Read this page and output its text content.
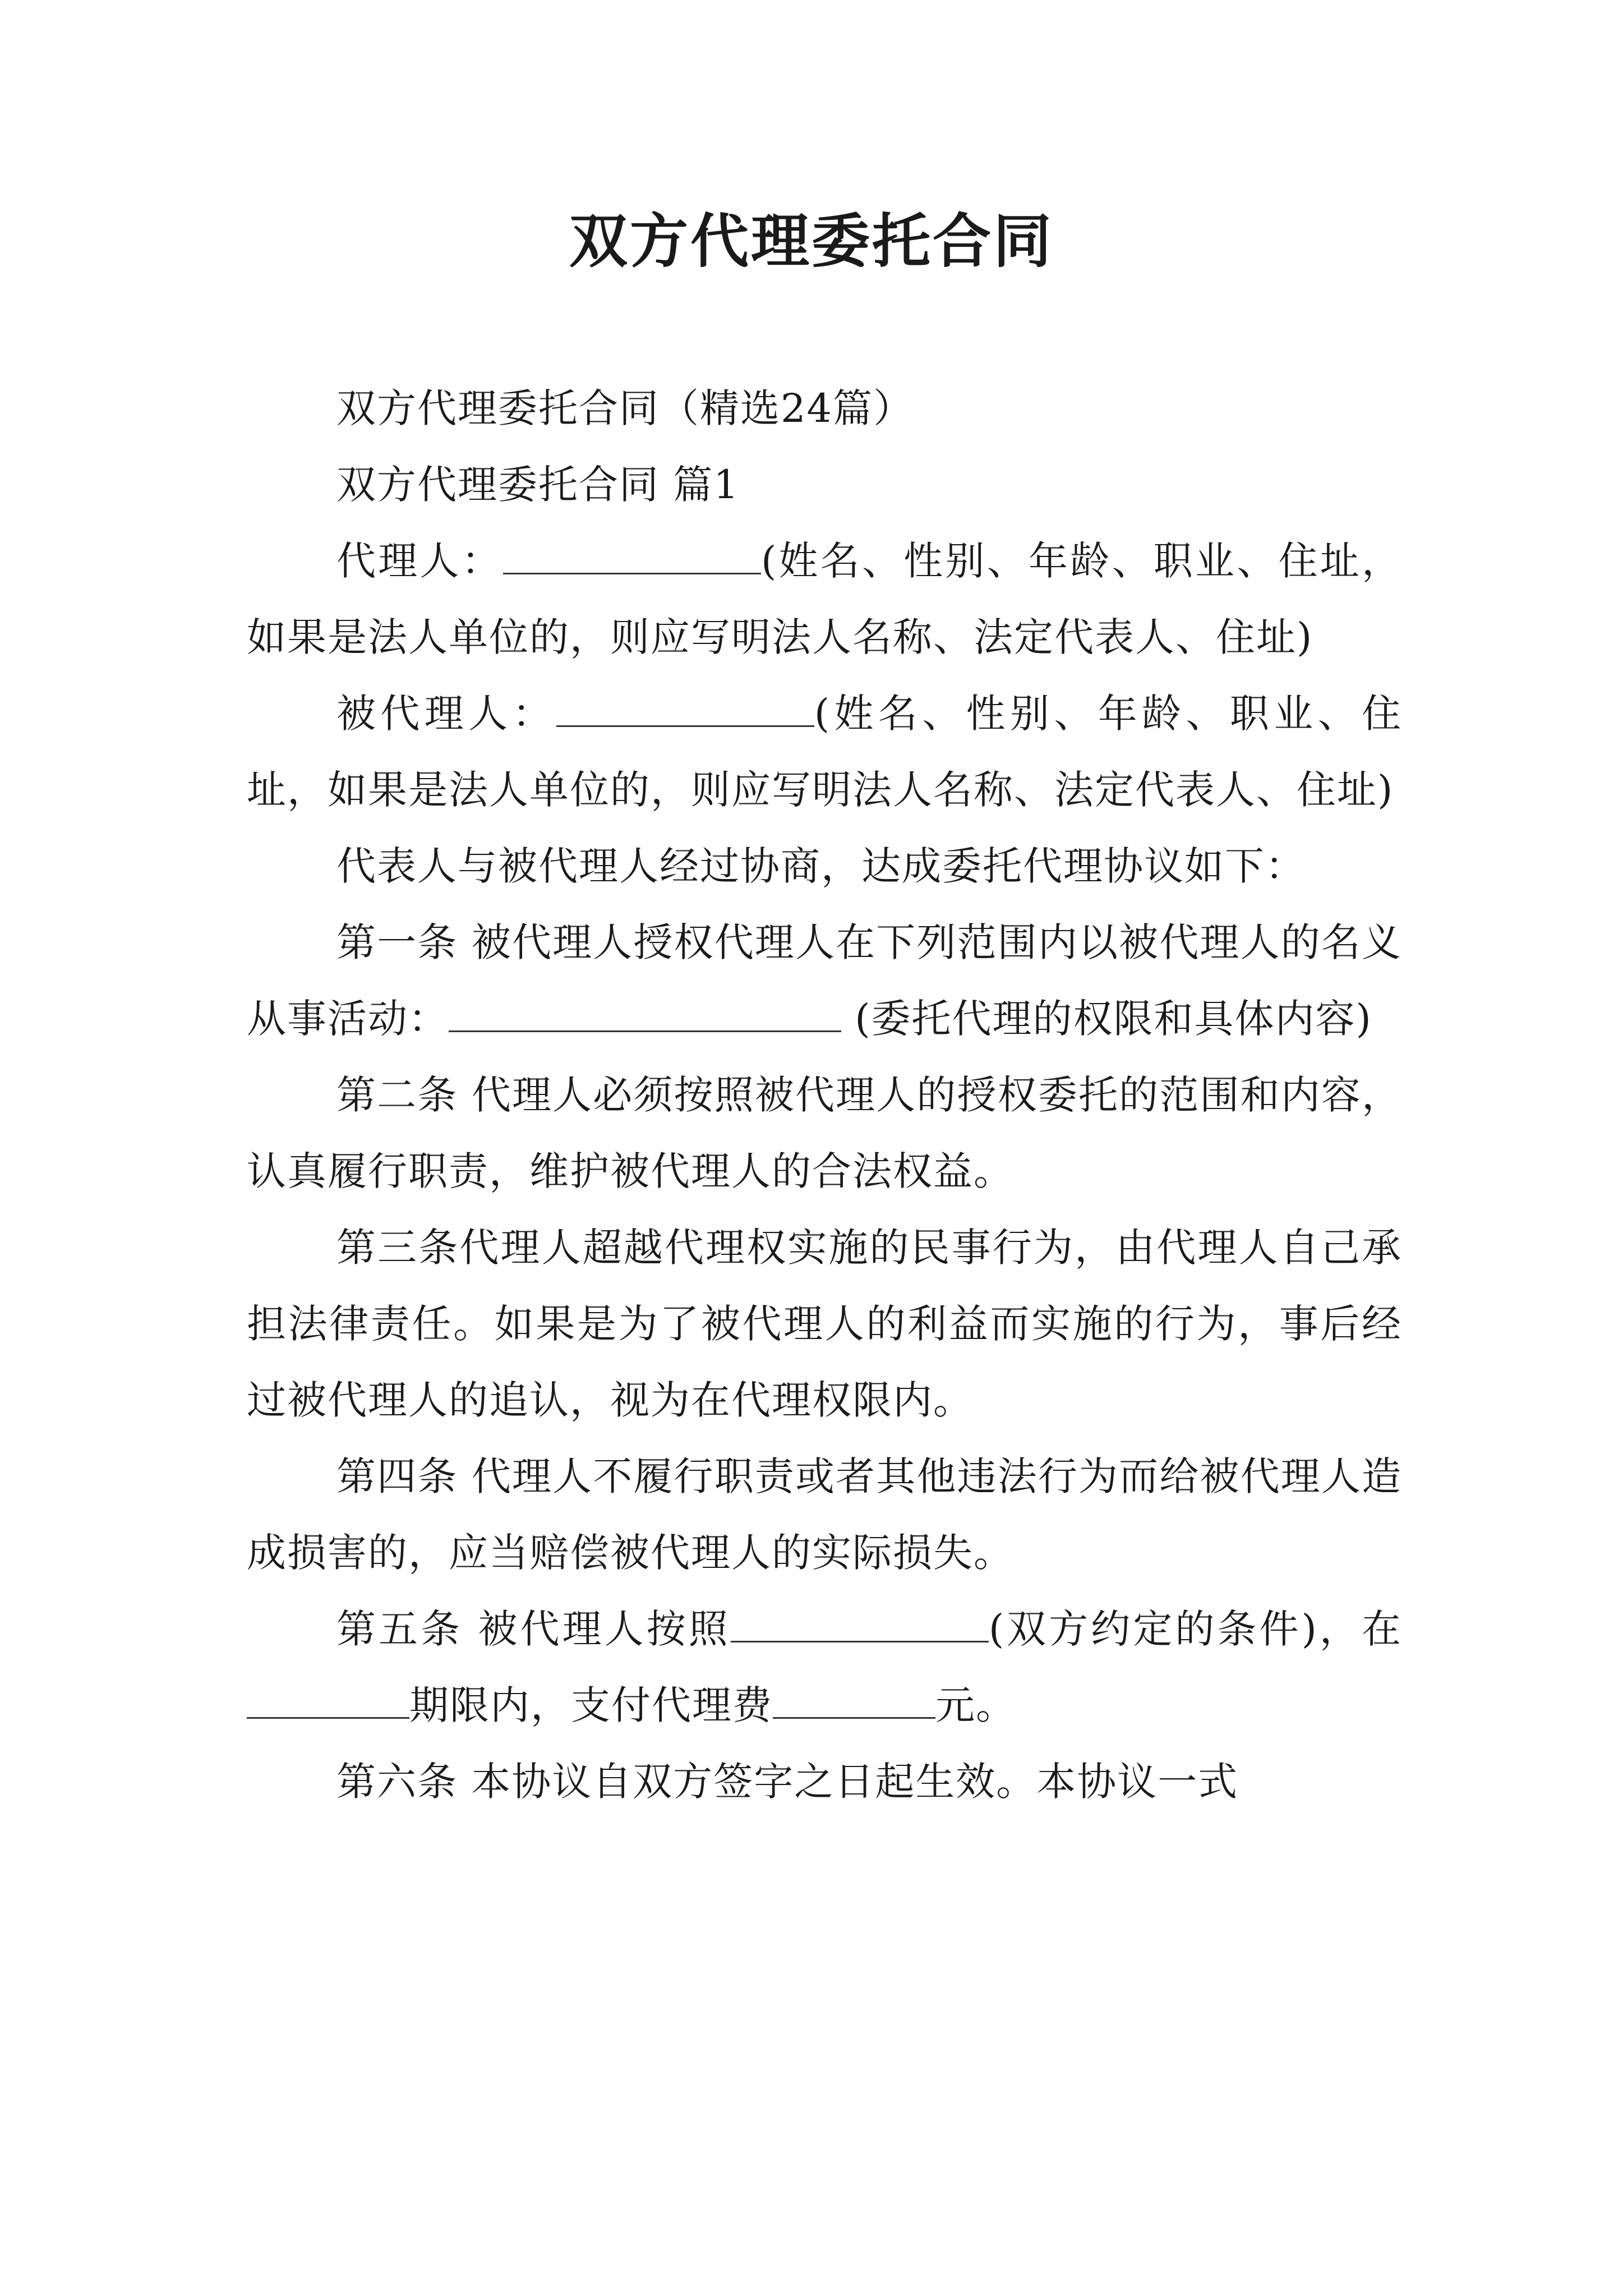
双方代理委托合同

双方代理委托合同（精选24篇）

双方代理委托合同 篇1

代理人：	(姓名、性别、年龄、职业、住址，如果是法人单位的，则应写明法人名称、法定代表人、住址)

被代理人：	(姓名、性别、年龄、职业、住址，如果是法人单位的，则应写明法人名称、法定代表人、住址)

代表人与被代理人经过协商，达成委托代理协议如下：

第一条 被代理人授权代理人在下列范围内以被代理人的名义从事活动：	(委托代理的权限和具体内容)

第二条 代理人必须按照被代理人的授权委托的范围和内容，认真履行职责，维护被代理人的合法权益。

第三条代理人超越代理权实施的民事行为，由代理人自己承担法律责任。如果是为了被代理人的利益而实施的行为，事后经过被代理人的追认，视为在代理权限内。

第四条 代理人不履行职责或者其他违法行为而给被代理人造成损害的，应当赔偿被代理人的实际损失。

第五条 被代理人按照	(双方约定的条件)，在期限内，支付代理费	元。

第六条 本协议自双方签字之日起生效。本协议一式
